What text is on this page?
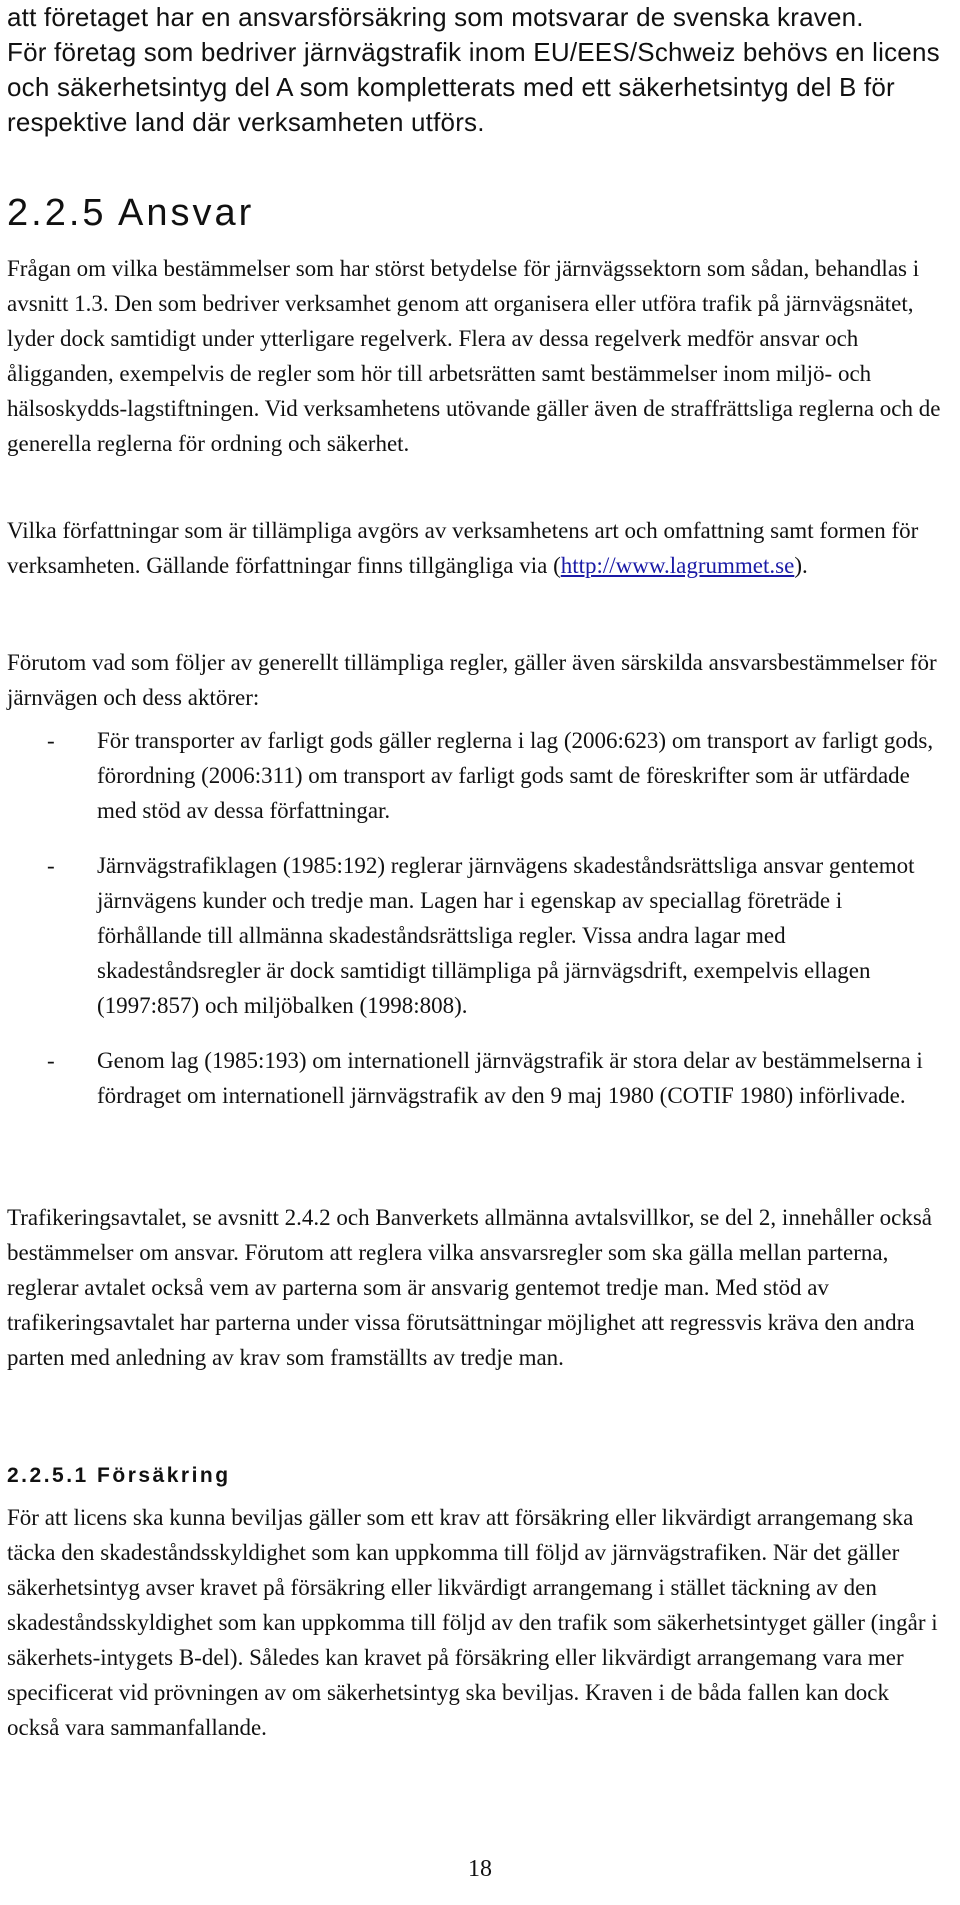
att företaget har en ansvarsförsäkring som motsvarar de svenska kraven.

För företag som bedriver järnvägstrafik inom EU/EES/Schweiz behövs en licens och säkerhetsintyg del A som kompletterats med ett säkerhetsintyg del B för respektive land där verksamheten utförs.

2.2.5 Ansvar

Frågan om vilka bestämmelser som har störst betydelse för järnvägssektorn som sådan, behandlas i avsnitt 1.3. Den som bedriver verksamhet genom att organisera eller utföra trafik på järnvägsnätet, lyder dock samtidigt under ytterligare regelverk. Flera av dessa regelverk medför ansvar och åligganden, exempelvis de regler som hör till arbetsrätten samt bestämmelser inom miljö- och hälsoskydds-lagstiftningen. Vid verksamhetens utövande gäller även de straffrättsliga reglerna och de generella reglerna för ordning och säkerhet.

Vilka författningar som är tillämpliga avgörs av verksamhetens art och omfattning samt formen för verksamheten. Gällande författningar finns tillgängliga via (http://www.lagrummet.se).

Förutom vad som följer av generellt tillämpliga regler, gäller även särskilda ansvarsbestämmelser för järnvägen och dess aktörer:

- För transporter av farligt gods gäller reglerna i lag (2006:623) om transport av farligt gods, förordning (2006:311) om transport av farligt gods samt de föreskrifter som är utfärdade med stöd av dessa författningar.
- Järnvägstrafiklagen (1985:192) reglerar järnvägens skadeståndsrättsliga ansvar gentemot järnvägens kunder och tredje man. Lagen har i egenskap av speciallag företräde i förhållande till allmänna skadeståndsrättsliga regler. Vissa andra lagar med skadeståndsregler är dock samtidigt tillämpliga på järnvägsdrift, exempelvis ellagen (1997:857) och miljöbalken (1998:808).
- Genom lag (1985:193) om internationell järnvägstrafik är stora delar av bestämmelserna i fördraget om internationell järnvägstrafik av den 9 maj 1980 (COTIF 1980) införlivade.

Trafikeringsavtalet, se avsnitt 2.4.2 och Banverkets allmänna avtalsvillkor, se del 2, innehåller också bestämmelser om ansvar. Förutom att reglera vilka ansvarsregler som ska gälla mellan parterna, reglerar avtalet också vem av parterna som är ansvarig gentemot tredje man. Med stöd av trafikeringsavtalet har parterna under vissa förutsättningar möjlighet att regressvis kräva den andra parten med anledning av krav som framställts av tredje man.

2.2.5.1 Försäkring

För att licens ska kunna beviljas gäller som ett krav att försäkring eller likvärdigt arrangemang ska täcka den skadeståndsskyldighet som kan uppkomma till följd av järnvägstrafiken. När det gäller säkerhetsintyg avser kravet på försäkring eller likvärdigt arrangemang i stället täckning av den skadeståndsskyldighet som kan uppkomma till följd av den trafik som säkerhetsintyget gäller (ingår i säkerhets-intygets B-del). Således kan kravet på försäkring eller likvärdigt arrangemang vara mer specificerat vid prövningen av om säkerhetsintyg ska beviljas. Kraven i de båda fallen kan dock också vara sammanfallande.

18
